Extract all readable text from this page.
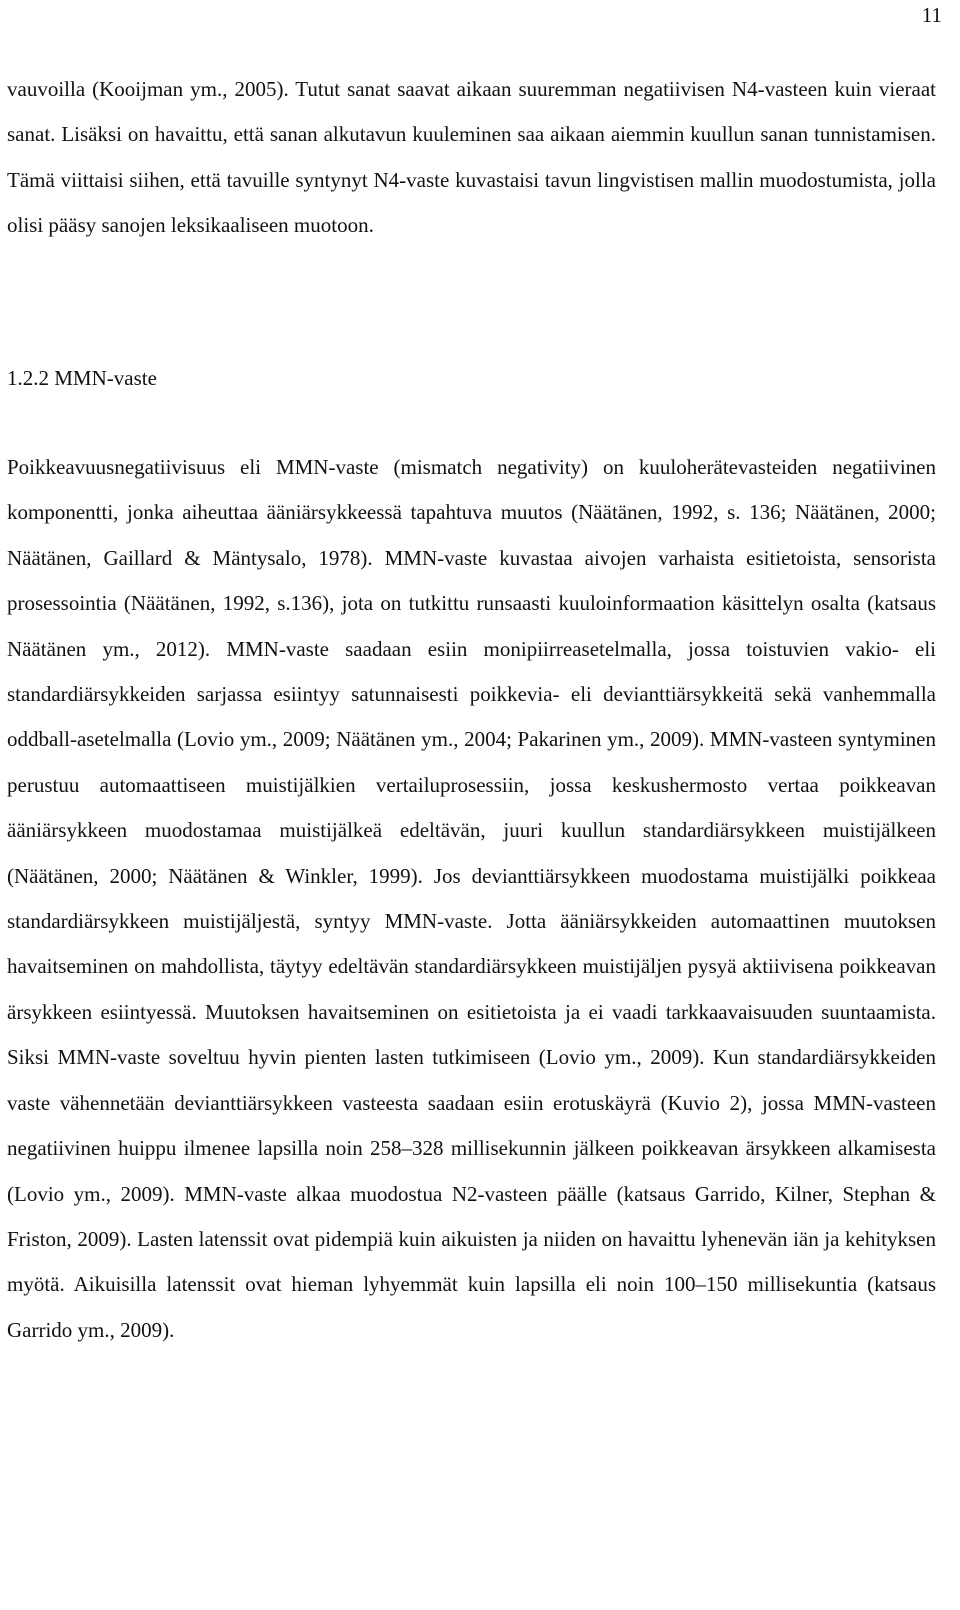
11

vauvoilla (Kooijman ym., 2005). Tutut sanat saavat aikaan suuremman negatiivisen N4-vasteen kuin vieraat sanat. Lisäksi on havaittu, että sanan alkutavun kuuleminen saa aikaan aiemmin kuullun sanan tunnistamisen. Tämä viittaisi siihen, että tavuille syntynyt N4-vaste kuvastaisi tavun lingvistisen mallin muodostumista, jolla olisi pääsy sanojen leksikaaliseen muotoon.

1.2.2 MMN-vaste

Poikkeavuusnegatiivisuus eli MMN-vaste (mismatch negativity) on kuuloherätevasteiden negatiivinen komponentti, jonka aiheuttaa ääniärsykkeessä tapahtuva muutos (Näätänen, 1992, s. 136; Näätänen, 2000; Näätänen, Gaillard & Mäntysalo, 1978). MMN-vaste kuvastaa aivojen varhaista esitietoista, sensorista prosessointia (Näätänen, 1992, s.136), jota on tutkittu runsaasti kuuloinformaation käsittelyn osalta (katsaus Näätänen ym., 2012). MMN-vaste saadaan esiin monipiirreasetelmalla, jossa toistuvien vakio- eli standardiärsykkeiden sarjassa esiintyy satunnaisesti poikkevia- eli devianttiärsykkeitä sekä vanhemmalla oddball-asetelmalla (Lovio ym., 2009; Näätänen ym., 2004; Pakarinen ym., 2009). MMN-vasteen syntyminen perustuu automaattiseen muistijälkien vertailuprosessiin, jossa keskushermosto vertaa poikkeavan ääniärsykkeen muodostamaa muistijälkeä edeltävän, juuri kuullun standardiärsykkeen muistijälkeen (Näätänen, 2000; Näätänen & Winkler, 1999). Jos devianttiärsykkeen muodostama muistijälki poikkeaa standardiärsykkeen muistijäljestä, syntyy MMN-vaste. Jotta ääniärsykkeiden automaattinen muutoksen havaitseminen on mahdollista, täytyy edeltävän standardiärsykkeen muistijäljen pysyä aktiivisena poikkeavan ärsykkeen esiintyessä. Muutoksen havaitseminen on esitietoista ja ei vaadi tarkkaavaisuuden suuntaamista. Siksi MMN-vaste soveltuu hyvin pienten lasten tutkimiseen (Lovio ym., 2009). Kun standardiärsykkeiden vaste vähennetään devianttiärsykkeen vasteesta saadaan esiin erotuskäyrä (Kuvio 2), jossa MMN-vasteen negatiivinen huippu ilmenee lapsilla noin 258–328 millisekunnin jälkeen poikkeavan ärsykkeen alkamisesta (Lovio ym., 2009). MMN-vaste alkaa muodostua N2-vasteen päälle (katsaus Garrido, Kilner, Stephan & Friston, 2009). Lasten latenssit ovat pidempiä kuin aikuisten ja niiden on havaittu lyhenevän iän ja kehityksen myötä. Aikuisilla latenssit ovat hieman lyhyemmät kuin lapsilla eli noin 100–150 millisekuntia (katsaus Garrido ym., 2009).
